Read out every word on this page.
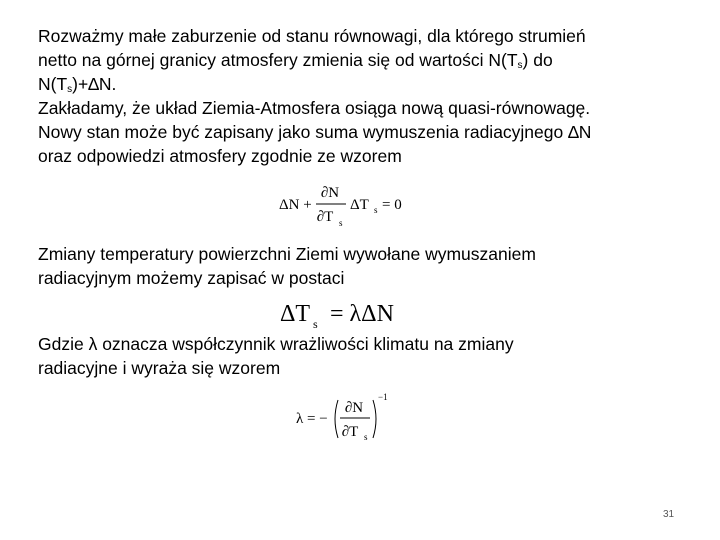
Rozważmy małe zaburzenie od stanu równowagi, dla którego strumień
netto na górnej granicy atmosfery zmienia się od wartości $N(T_s)$ do
$N(T_s)+\Delta N$.
Zakładamy, że układ Ziemia-Atmosfera osiąga nową quasi-równowagę.
Nowy stan może być zapisany jako suma wymuszenia radiacyjnego ∆N
oraz odpowiedzi atmosfery zgodnie ze wzorem
ΔN +
∂N
∂T s
ΔT s = 0
Zmiany temperatury powierzchni Ziemi wywołane wymuszaniem
radiacyjnym możemy zapisać w postaci
ΔT s = λΔN
Gdzie λ oznacza współczynnik wrażliwości klimatu na zmiany
radiacyjne i wyraża się wzorem
λ = −
∂N
∂T s
−1
31
